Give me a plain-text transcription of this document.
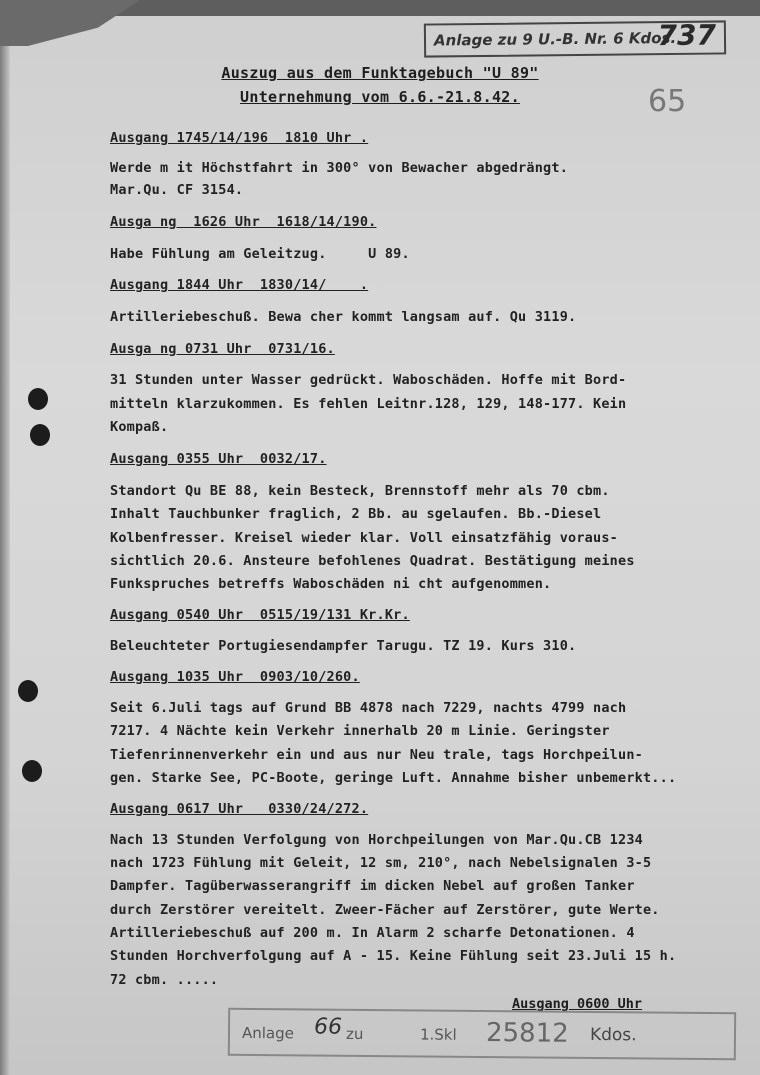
Anlage zu 9 U.-B. Nr. 6 Kdos.
737
65
Auszug aus dem Funktagebuch "U 89"
Unternehmung vom 6.6.-21.8.42.
Ausgang 1745/14/196  1810 Uhr .
Werde m it Höchstfahrt in 300° von Bewacher abgedrängt.
Mar.Qu. CF 3154.
Ausga ng  1626 Uhr  1618/14/190.
Habe Fühlung am Geleitzug.     U 89.
Ausgang 1844 Uhr  1830/14/    .
Artilleriebeschuß. Bewa cher kommt langsam auf. Qu 3119.
Ausga ng 0731 Uhr  0731/16.
31 Stunden unter Wasser gedrückt. Waboschäden. Hoffe mit Bord-
mitteln klarzukommen. Es fehlen Leitnr.128, 129, 148-177. Kein
Kompaß.
Ausgang 0355 Uhr  0032/17.
Standort Qu BE 88, kein Besteck, Brennstoff mehr als 70 cbm.
Inhalt Tauchbunker fraglich, 2 Bb. au sgelaufen. Bb.-Diesel
Kolbenfresser. Kreisel wieder klar. Voll einsatzfähig voraus-
sichtlich 20.6. Ansteure befohlenes Quadrat. Bestätigung meines
Funkspruches betreffs Waboschäden ni cht aufgenommen.
Ausgang 0540 Uhr  0515/19/131 Kr.Kr.
Beleuchteter Portugiesendampfer Tarugu. TZ 19. Kurs 310.
Ausgang 1035 Uhr  0903/10/260.
Seit 6.Juli tags auf Grund BB 4878 nach 7229, nachts 4799 nach
7217. 4 Nächte kein Verkehr innerhalb 20 m Linie. Geringster
Tiefenrinnenverkehr ein und aus nur Neu trale, tags Horchpeilun-
gen. Starke See, PC-Boote, geringe Luft. Annahme bisher unbemerkt...
Ausgang 0617 Uhr   0330/24/272.
Nach 13 Stunden Verfolgung von Horchpeilungen von Mar.Qu.CB 1234
nach 1723 Fühlung mit Geleit, 12 sm, 210°, nach Nebelsignalen 3-5
Dampfer. Tagüberwasserangriff im dicken Nebel auf großen Tanker
durch Zerstörer vereitelt. Zweer-Fächer auf Zerstörer, gute Werte.
Artilleriebeschuß auf 200 m. In Alarm 2 scharfe Detonationen. 4
Stunden Horchverfolgung auf A - 15. Keine Fühlung seit 23.Juli 15 h.
72 cbm. .....
Ausgang 0600 Uhr
Anlage 66 zu	1.Skl 25812 Kdos.
